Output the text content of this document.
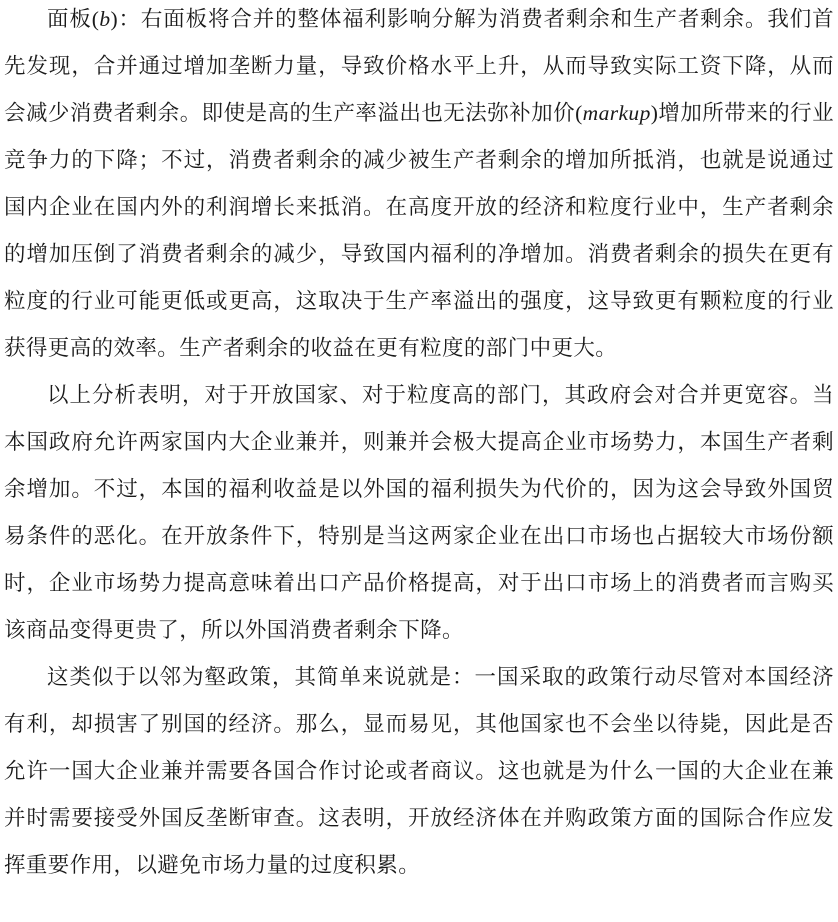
面板(b)：右面板将合并的整体福利影响分解为消费者剩余和生产者剩余。我们首先发现，合并通过增加垄断力量，导致价格水平上升，从而导致实际工资下降，从而会减少消费者剩余。即使是高的生产率溢出也无法弥补加价(markup)增加所带来的行业竞争力的下降；不过，消费者剩余的减少被生产者剩余的增加所抵消，也就是说通过国内企业在国内外的利润增长来抵消。在高度开放的经济和粒度行业中，生产者剩余的增加压倒了消费者剩余的减少，导致国内福利的净增加。消费者剩余的损失在更有粒度的行业可能更低或更高，这取决于生产率溢出的强度，这导致更有颗粒度的行业获得更高的效率。生产者剩余的收益在更有粒度的部门中更大。

以上分析表明，对于开放国家、对于粒度高的部门，其政府会对合并更宽容。当本国政府允许两家国内大企业兼并，则兼并会极大提高企业市场势力，本国生产者剩余增加。不过，本国的福利收益是以外国的福利损失为代价的，因为这会导致外国贸易条件的恶化。在开放条件下，特别是当这两家企业在出口市场也占据较大市场份额时，企业市场势力提高意味着出口产品价格提高，对于出口市场上的消费者而言购买该商品变得更贵了，所以外国消费者剩余下降。

这类似于以邻为壑政策，其简单来说就是：一国采取的政策行动尽管对本国经济有利，却损害了别国的经济。那么，显而易见，其他国家也不会坐以待毙，因此是否允许一国大企业兼并需要各国合作讨论或者商议。这也就是为什么一国的大企业在兼并时需要接受外国反垄断审查。这表明，开放经济体在并购政策方面的国际合作应发挥重要作用，以避免市场力量的过度积累。
